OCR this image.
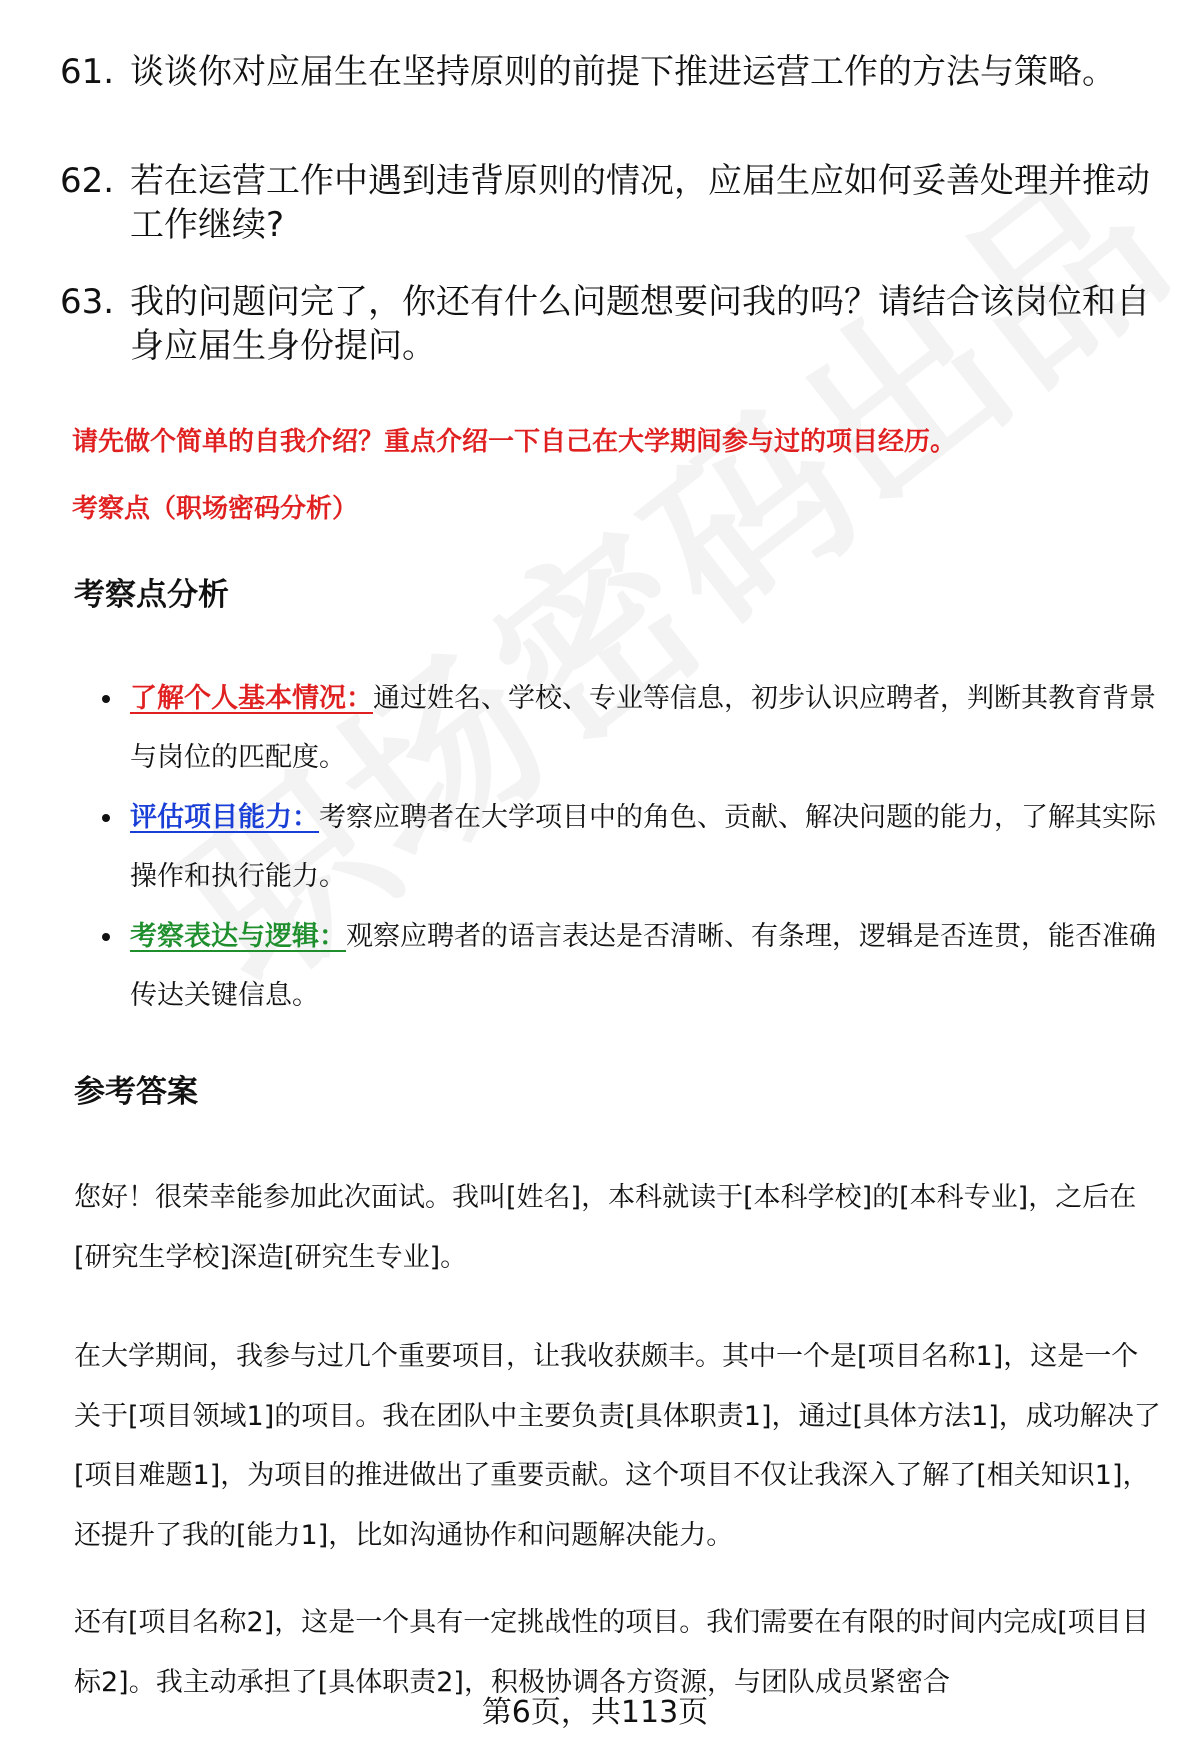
61. 谈谈你对应届生在坚持原则的前提下推进运营工作的方法与策略。
62. 若在运营工作中遇到违背原则的情况，应届生应如何妥善处理并推动工作继续?
63. 我的问题问完了，你还有什么问题想要问我的吗？请结合该岗位和自身应届生身份提问。
请先做个简单的自我介绍？重点介绍一下自己在大学期间参与过的项目经历。
考察点（职场密码分析）
考察点分析
了解个人基本情况：通过姓名、学校、专业等信息，初步认识应聘者，判断其教育背景与岗位的匹配度。
评估项目能力：考察应聘者在大学项目中的角色、贡献、解决问题的能力，了解其实际操作和执行能力。
考察表达与逻辑：观察应聘者的语言表达是否清晰、有条理，逻辑是否连贯，能否准确传达关键信息。
参考答案
您好！很荣幸能参加此次面试。我叫[姓名]，本科就读于[本科学校]的[本科专业]，之后在[研究生学校]深造[研究生专业]。
在大学期间，我参与过几个重要项目，让我收获颇丰。其中一个是[项目名称1]，这是一个关于[项目领域1]的项目。我在团队中主要负责[具体职责1]，通过[具体方法1]，成功解决了[项目难题1]，为项目的推进做出了重要贡献。这个项目不仅让我深入了解了[相关知识1]，还提升了我的[能力1]，比如沟通协作和问题解决能力。
还有[项目名称2]，这是一个具有一定挑战性的项目。我们需要在有限的时间内完成[项目目标2]。我主动承担了[具体职责2]，积极协调各方资源，与团队成员紧密合
第6页，共113页
